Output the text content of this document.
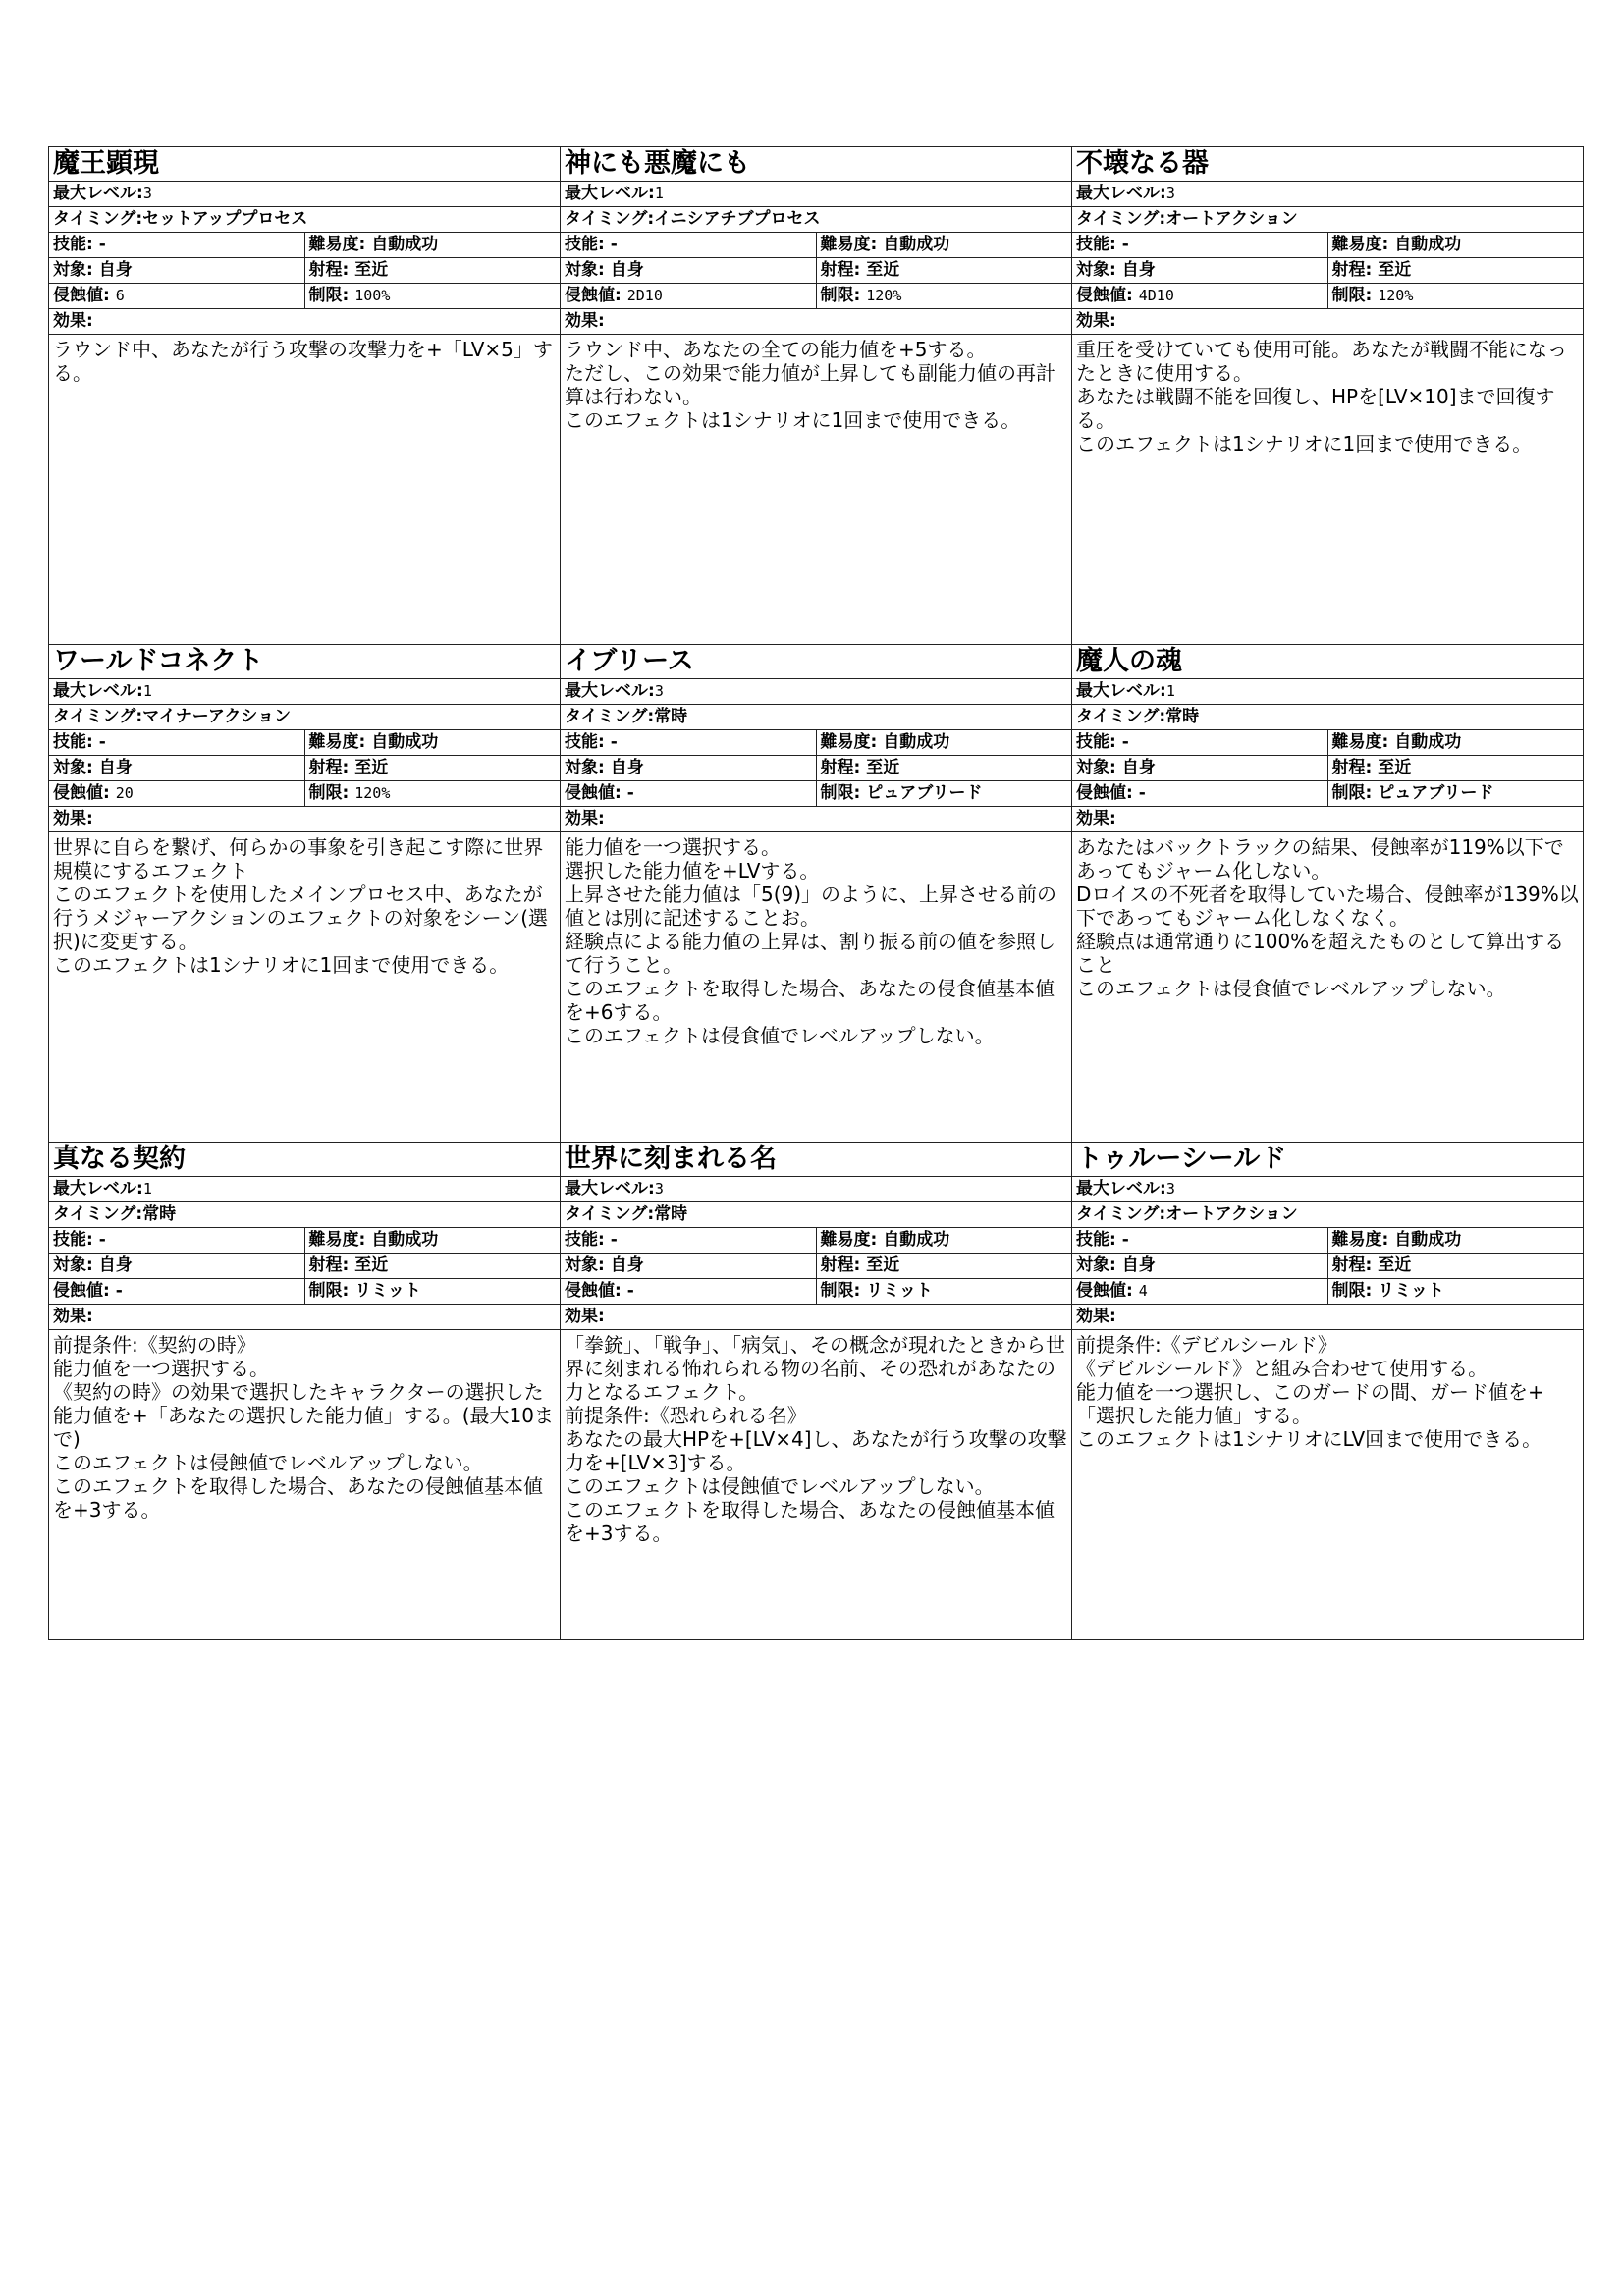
魔王顕現
最大レベル:3
タイミング:セットアッププロセス
技能: -	難易度: 自動成功
対象: 自身	射程: 至近
侵蝕値: 6	制限: 100%
効果:

ラウンド中、あなたが行う攻撃の攻撃力を+「LV×5」する。

神にも悪魔にも
最大レベル:1
タイミング:イニシアチブプロセス
技能: -	難易度: 自動成功
対象: 自身	射程: 至近
侵蝕値: 2D10	制限: 120%
効果:

ラウンド中、あなたの全ての能力値を+5する。

ただし、この効果で能力値が上昇しても副能力値の再計算は行わない。

このエフェクトは1シナリオに1回まで使用できる。

不壊なる器
最大レベル:3
タイミング:オートアクション
技能: -	難易度: 自動成功
対象: 自身	射程: 至近
侵蝕値: 4D10	制限: 120%
効果:

重圧を受けていても使用可能。あなたが戦闘不能になったときに使用する。

あなたは戦闘不能を回復し、HPを[LV×10]まで回復する。

このエフェクトは1シナリオに1回まで使用できる。

ワールドコネクト
最大レベル:1
タイミング:マイナーアクション
技能: -	難易度: 自動成功
対象: 自身	射程: 至近
侵蝕値: 20	制限: 120%
効果:

世界に自らを繋げ、何らかの事象を引き起こす際に世界規模にするエフェクト

このエフェクトを使用したメインプロセス中、あなたが行うメジャーアクションのエフェクトの対象をシーン(選択)に変更する。

このエフェクトは1シナリオに1回まで使用できる。

イブリース
最大レベル:3
タイミング:常時
技能: -	難易度: 自動成功
対象: 自身	射程: 至近
侵蝕値: -	制限: ピュアブリード
効果:

能力値を一つ選択する。

選択した能力値を+LVする。

上昇させた能力値は「5(9)」のように、上昇させる前の値とは別に記述することお。

経験点による能力値の上昇は、割り振る前の値を参照して行うこと。

このエフェクトを取得した場合、あなたの侵食値基本値を+6する。

このエフェクトは侵食値でレベルアップしない。

魔人の魂
最大レベル:1
タイミング:常時
技能: -	難易度: 自動成功
対象: 自身	射程: 至近
侵蝕値: -	制限: ピュアブリード
効果:

あなたはバックトラックの結果、侵蝕率が119%以下であってもジャーム化しない。

Dロイスの不死者を取得していた場合、侵蝕率が139%以下であってもジャーム化しなくなく。

経験点は通常通りに100%を超えたものとして算出すること

このエフェクトは侵食値でレベルアップしない。

真なる契約
最大レベル:1
タイミング:常時
技能: -	難易度: 自動成功
対象: 自身	射程: 至近
侵蝕値: -	制限: リミット
効果:

前提条件:《契約の時》

能力値を一つ選択する。

《契約の時》の効果で選択したキャラクターの選択した能力値を+「あなたの選択した能力値」する。(最大10まで)

このエフェクトは侵蝕値でレベルアップしない。

このエフェクトを取得した場合、あなたの侵蝕値基本値を+3する。

世界に刻まれる名
最大レベル:3
タイミング:常時
技能: -	難易度: 自動成功
対象: 自身	射程: 至近
侵蝕値: -	制限: リミット
効果:

「拳銃」、「戦争」、「病気」、その概念が現れたときから世界に刻まれる怖れられる物の名前、その恐れがあなたの力となるエフェクト。

前提条件:《恐れられる名》

あなたの最大HPを+[LV×4]し、あなたが行う攻撃の攻撃力を+[LV×3]する。

このエフェクトは侵蝕値でレベルアップしない。

このエフェクトを取得した場合、あなたの侵蝕値基本値を+3する。

トゥルーシールド
最大レベル:3
タイミング:オートアクション
技能: -	難易度: 自動成功
対象: 自身	射程: 至近
侵蝕値: 4	制限: リミット
効果:

前提条件:《デビルシールド》

《デビルシールド》と組み合わせて使用する。

能力値を一つ選択し、このガードの間、ガード値を+「選択した能力値」する。

このエフェクトは1シナリオにLV回まで使用できる。
